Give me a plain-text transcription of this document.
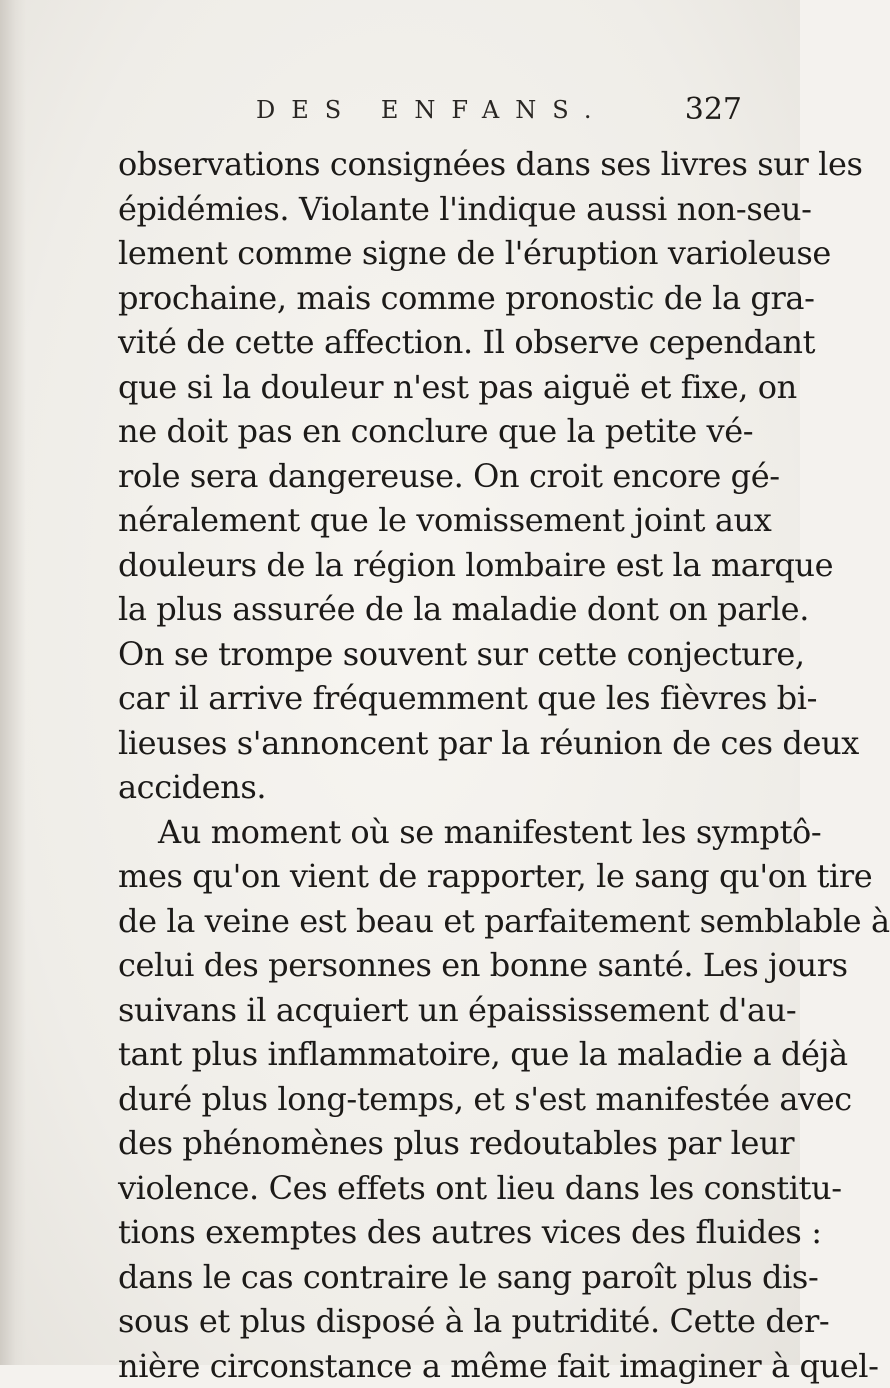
DES ENFANS.	327
observations consignées dans ses livres sur les
épidémies. Violante l'indique aussi non-seu-
lement comme signe de l'éruption varioleuse
prochaine, mais comme pronostic de la gra-
vité de cette affection. Il observe cependant
que si la douleur n'est pas aiguë et fixe, on
ne doit pas en conclure que la petite vé-
role sera dangereuse. On croit encore gé-
néralement que le vomissement joint aux
douleurs de la région lombaire est la marque
la plus assurée de la maladie dont on parle.
On se trompe souvent sur cette conjecture,
car il arrive fréquemment que les fièvres bi-
lieuses s'annoncent par la réunion de ces deux
accidens.
Au moment où se manifestent les symptô-
mes qu'on vient de rapporter, le sang qu'on tire
de la veine est beau et parfaitement semblable à
celui des personnes en bonne santé. Les jours
suivans il acquiert un épaississement d'au-
tant plus inflammatoire, que la maladie a déjà
duré plus long-temps, et s'est manifestée avec
des phénomènes plus redoutables par leur
violence. Ces effets ont lieu dans les constitu-
tions exemptes des autres vices des fluides :
dans le cas contraire le sang paroît plus dis-
sous et plus disposé à la putridité. Cette der-
nière circonstance a même fait imaginer à quel-
